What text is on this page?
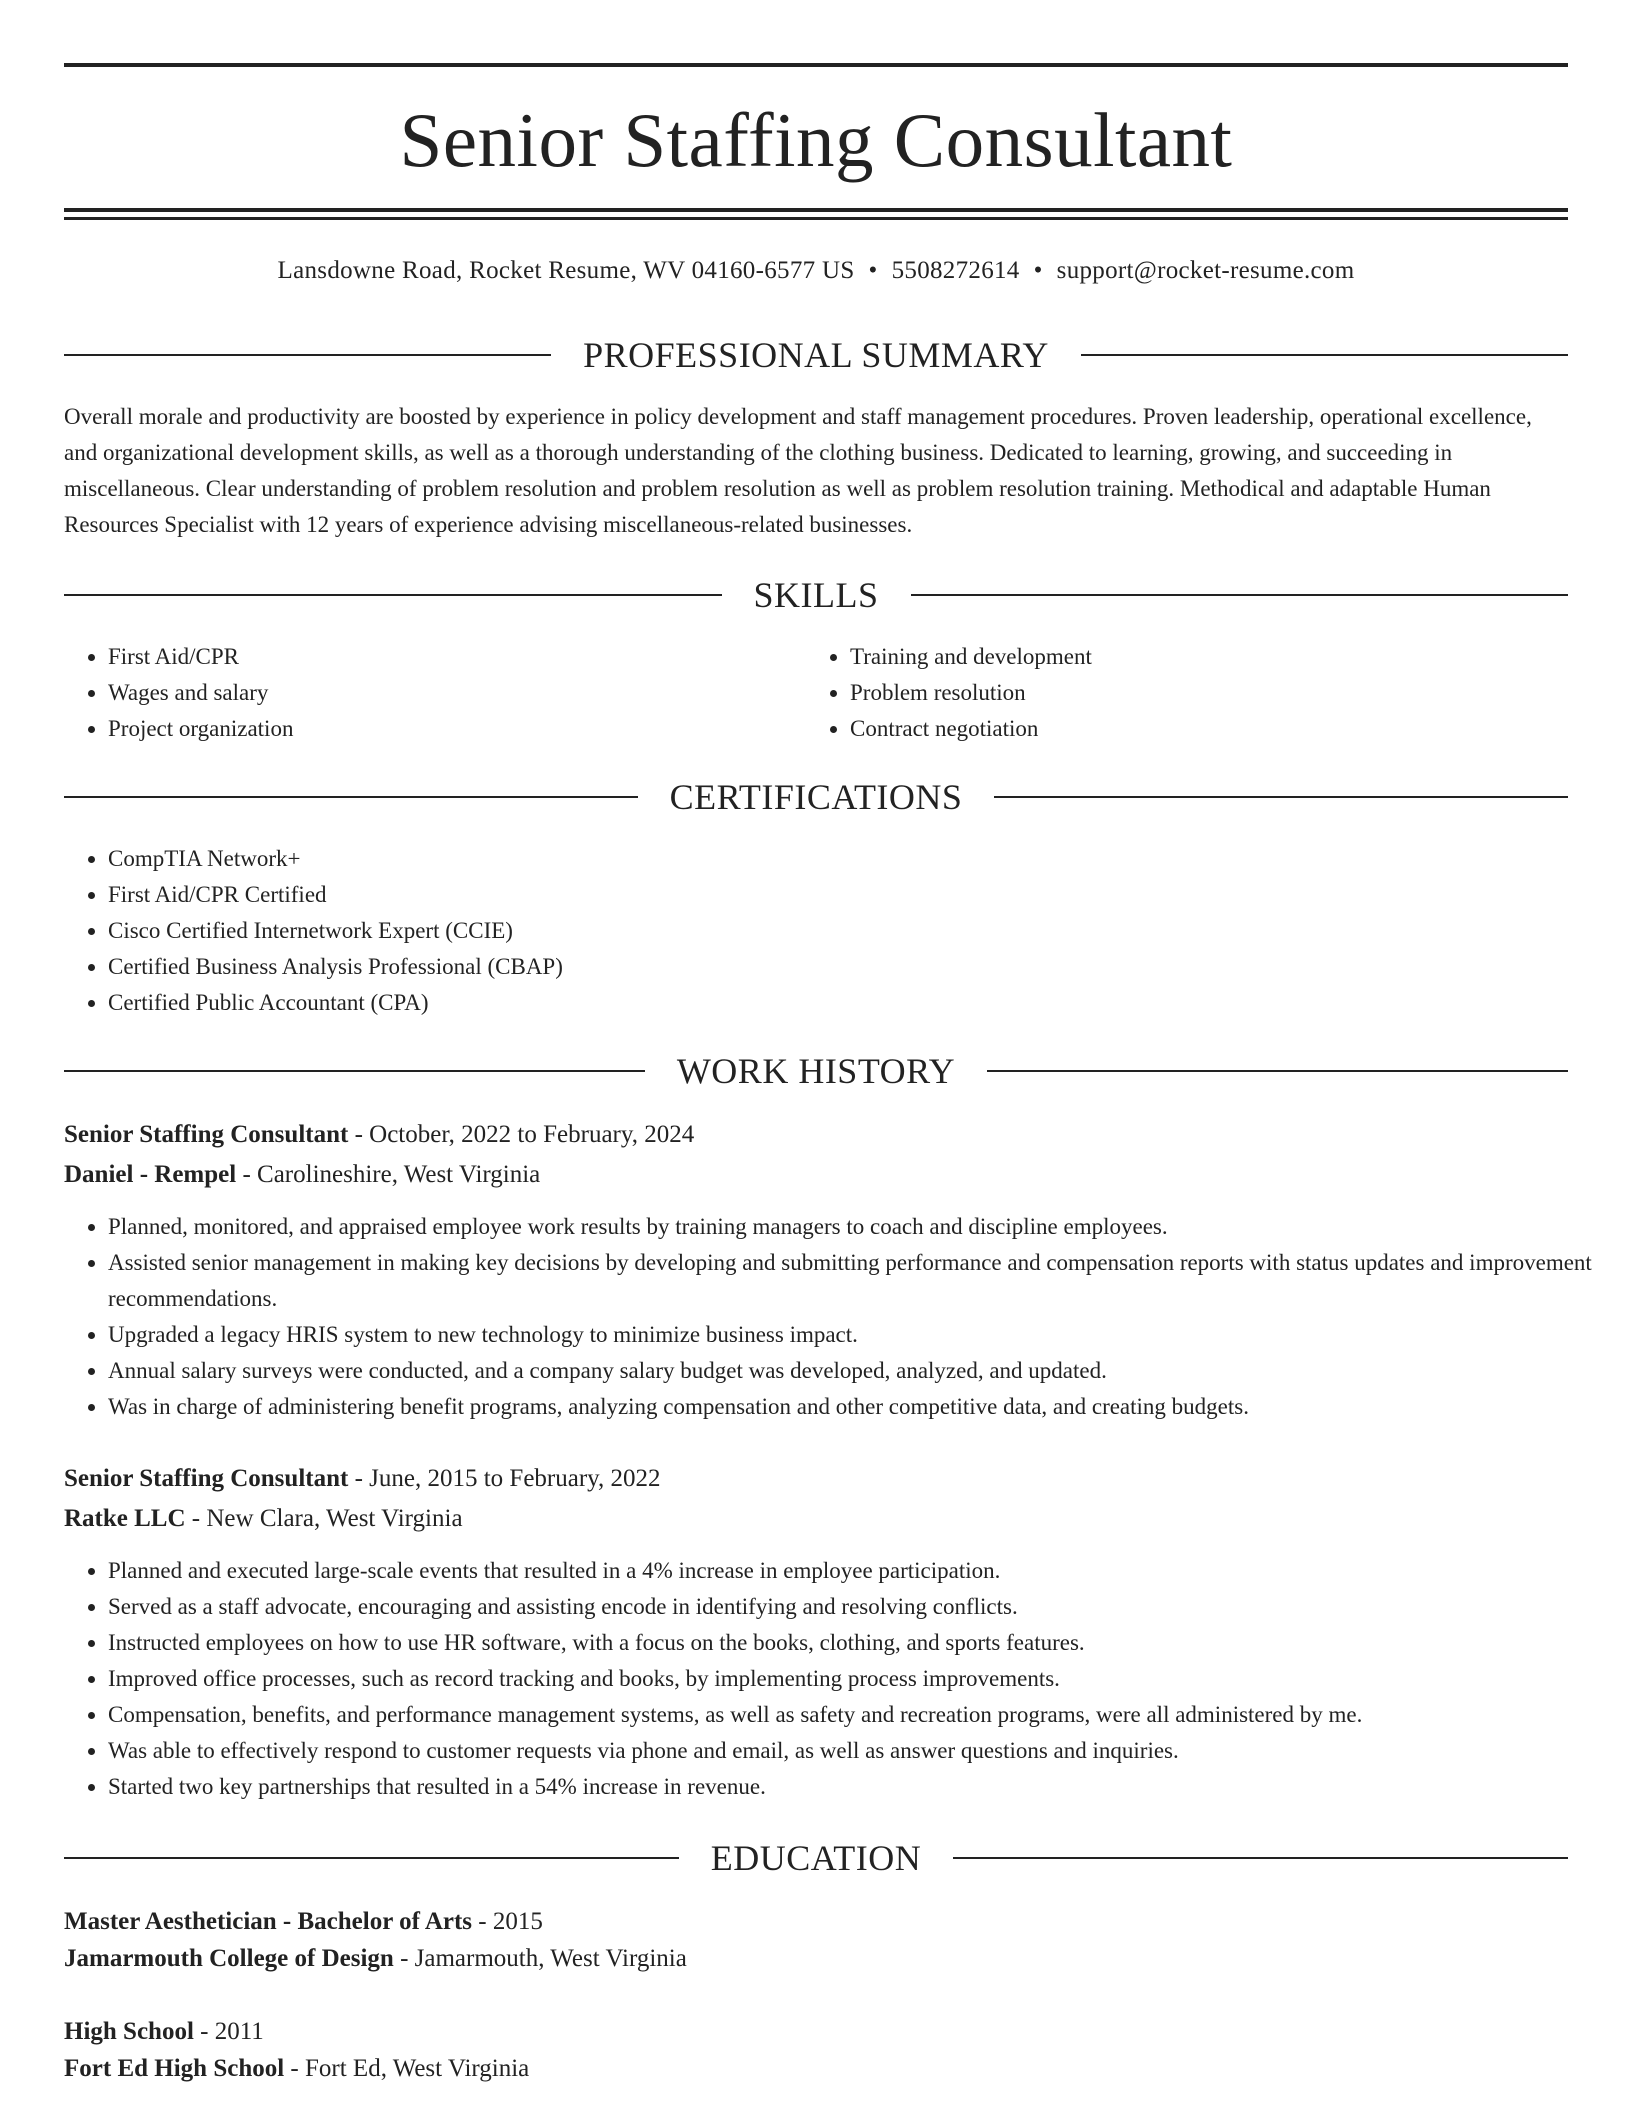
Senior Staffing Consultant
Lansdowne Road, Rocket Resume, WV 04160-6577 US • 5508272614 • support@rocket-resume.com
PROFESSIONAL SUMMARY

Overall morale and productivity are boosted by experience in policy development and staff management procedures. Proven leadership, operational excellence, and organizational development skills, as well as a thorough understanding of the clothing business. Dedicated to learning, growing, and succeeding in miscellaneous. Clear understanding of problem resolution and problem resolution as well as problem resolution training. Methodical and adaptable Human Resources Specialist with 12 years of experience advising miscellaneous-related businesses.

SKILLS
• First Aid/CPR
• Wages and salary
• Project organization
• Training and development
• Problem resolution
• Contract negotiation
CERTIFICATIONS
• CompTIA Network+
• First Aid/CPR Certified
• Cisco Certified Internetwork Expert (CCIE)
• Certified Business Analysis Professional (CBAP)
• Certified Public Accountant (CPA)
WORK HISTORY
Senior Staffing Consultant - October, 2022 to February, 2024
Daniel - Rempel - Carolineshire, West Virginia
• Planned, monitored, and appraised employee work results by training managers to coach and discipline employees.
• Assisted senior management in making key decisions by developing and submitting performance and compensation reports with status updates and improvement recommendations.
• Upgraded a legacy HRIS system to new technology to minimize business impact.
• Annual salary surveys were conducted, and a company salary budget was developed, analyzed, and updated.
• Was in charge of administering benefit programs, analyzing compensation and other competitive data, and creating budgets.
Senior Staffing Consultant - June, 2015 to February, 2022
Ratke LLC - New Clara, West Virginia
• Planned and executed large-scale events that resulted in a 4% increase in employee participation.
• Served as a staff advocate, encouraging and assisting encode in identifying and resolving conflicts.
• Instructed employees on how to use HR software, with a focus on the books, clothing, and sports features.
• Improved office processes, such as record tracking and books, by implementing process improvements.
• Compensation, benefits, and performance management systems, as well as safety and recreation programs, were all administered by me.
• Was able to effectively respond to customer requests via phone and email, as well as answer questions and inquiries.
• Started two key partnerships that resulted in a 54% increase in revenue.
EDUCATION
Master Aesthetician - Bachelor of Arts - 2015
Jamarmouth College of Design - Jamarmouth, West Virginia
High School - 2011
Fort Ed High School - Fort Ed, West Virginia
